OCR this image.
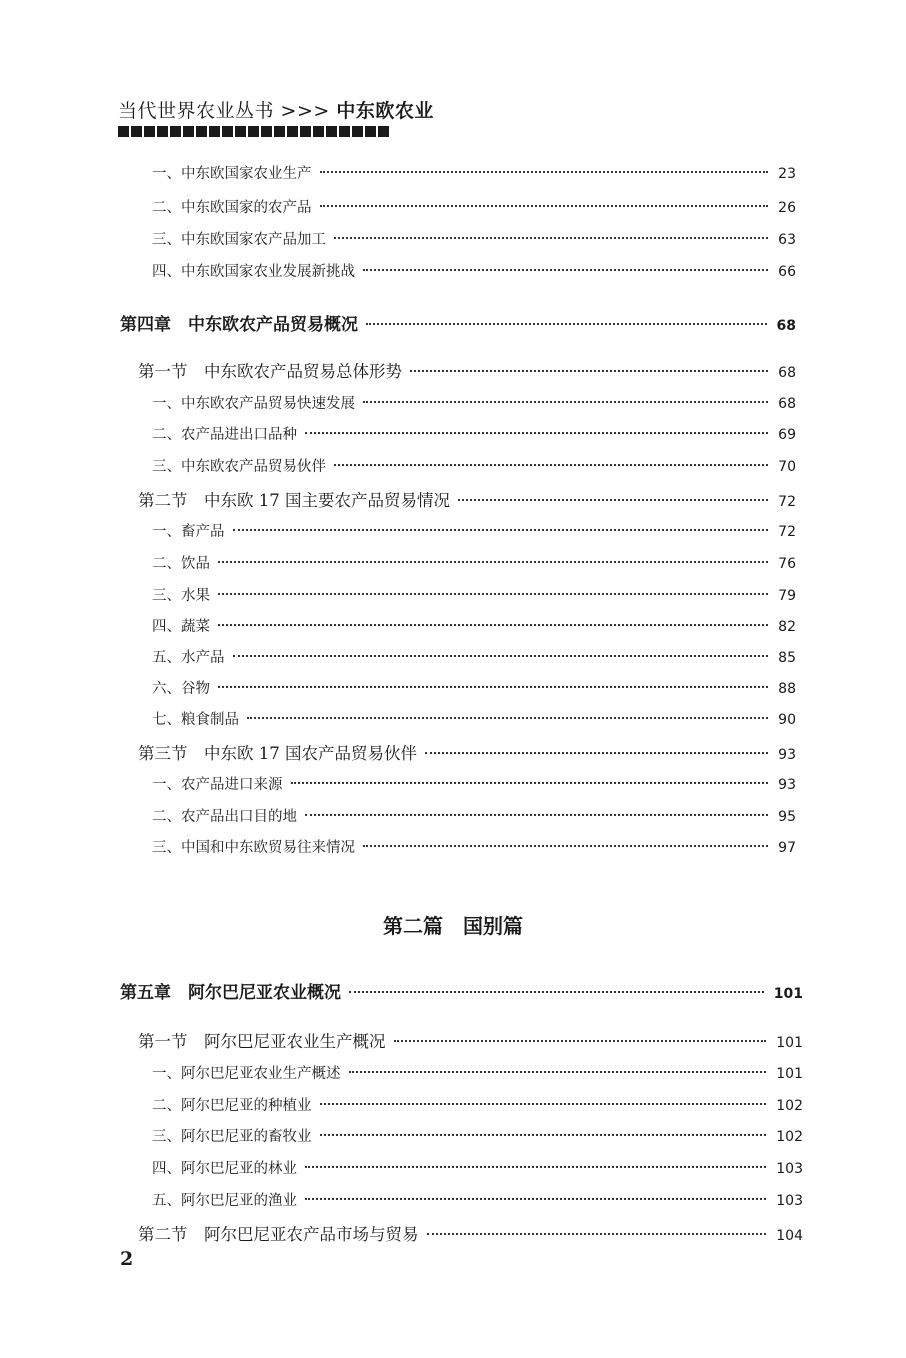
当代世界农业丛书 >>> 中东欧农业
一、中东欧国家农业生产	23
二、中东欧国家的农产品	26
三、中东欧国家农产品加工	63
四、中东欧国家农业发展新挑战	66
第四章　中东欧农产品贸易概况	68
第一节　中东欧农产品贸易总体形势	68
一、中东欧农产品贸易快速发展	68
二、农产品进出口品种	69
三、中东欧农产品贸易伙伴	70
第二节　中东欧 17 国主要农产品贸易情况	72
一、畜产品	72
二、饮品	76
三、水果	79
四、蔬菜	82
五、水产品	85
六、谷物	88
七、粮食制品	90
第三节　中东欧 17 国农产品贸易伙伴	93
一、农产品进口来源	93
二、农产品出口目的地	95
三、中国和中东欧贸易往来情况	97
第二篇　国别篇
第五章　阿尔巴尼亚农业概况	101
第一节　阿尔巴尼亚农业生产概况	101
一、阿尔巴尼亚农业生产概述	101
二、阿尔巴尼亚的种植业	102
三、阿尔巴尼亚的畜牧业	102
四、阿尔巴尼亚的林业	103
五、阿尔巴尼亚的渔业	103
第二节　阿尔巴尼亚农产品市场与贸易	104
2
